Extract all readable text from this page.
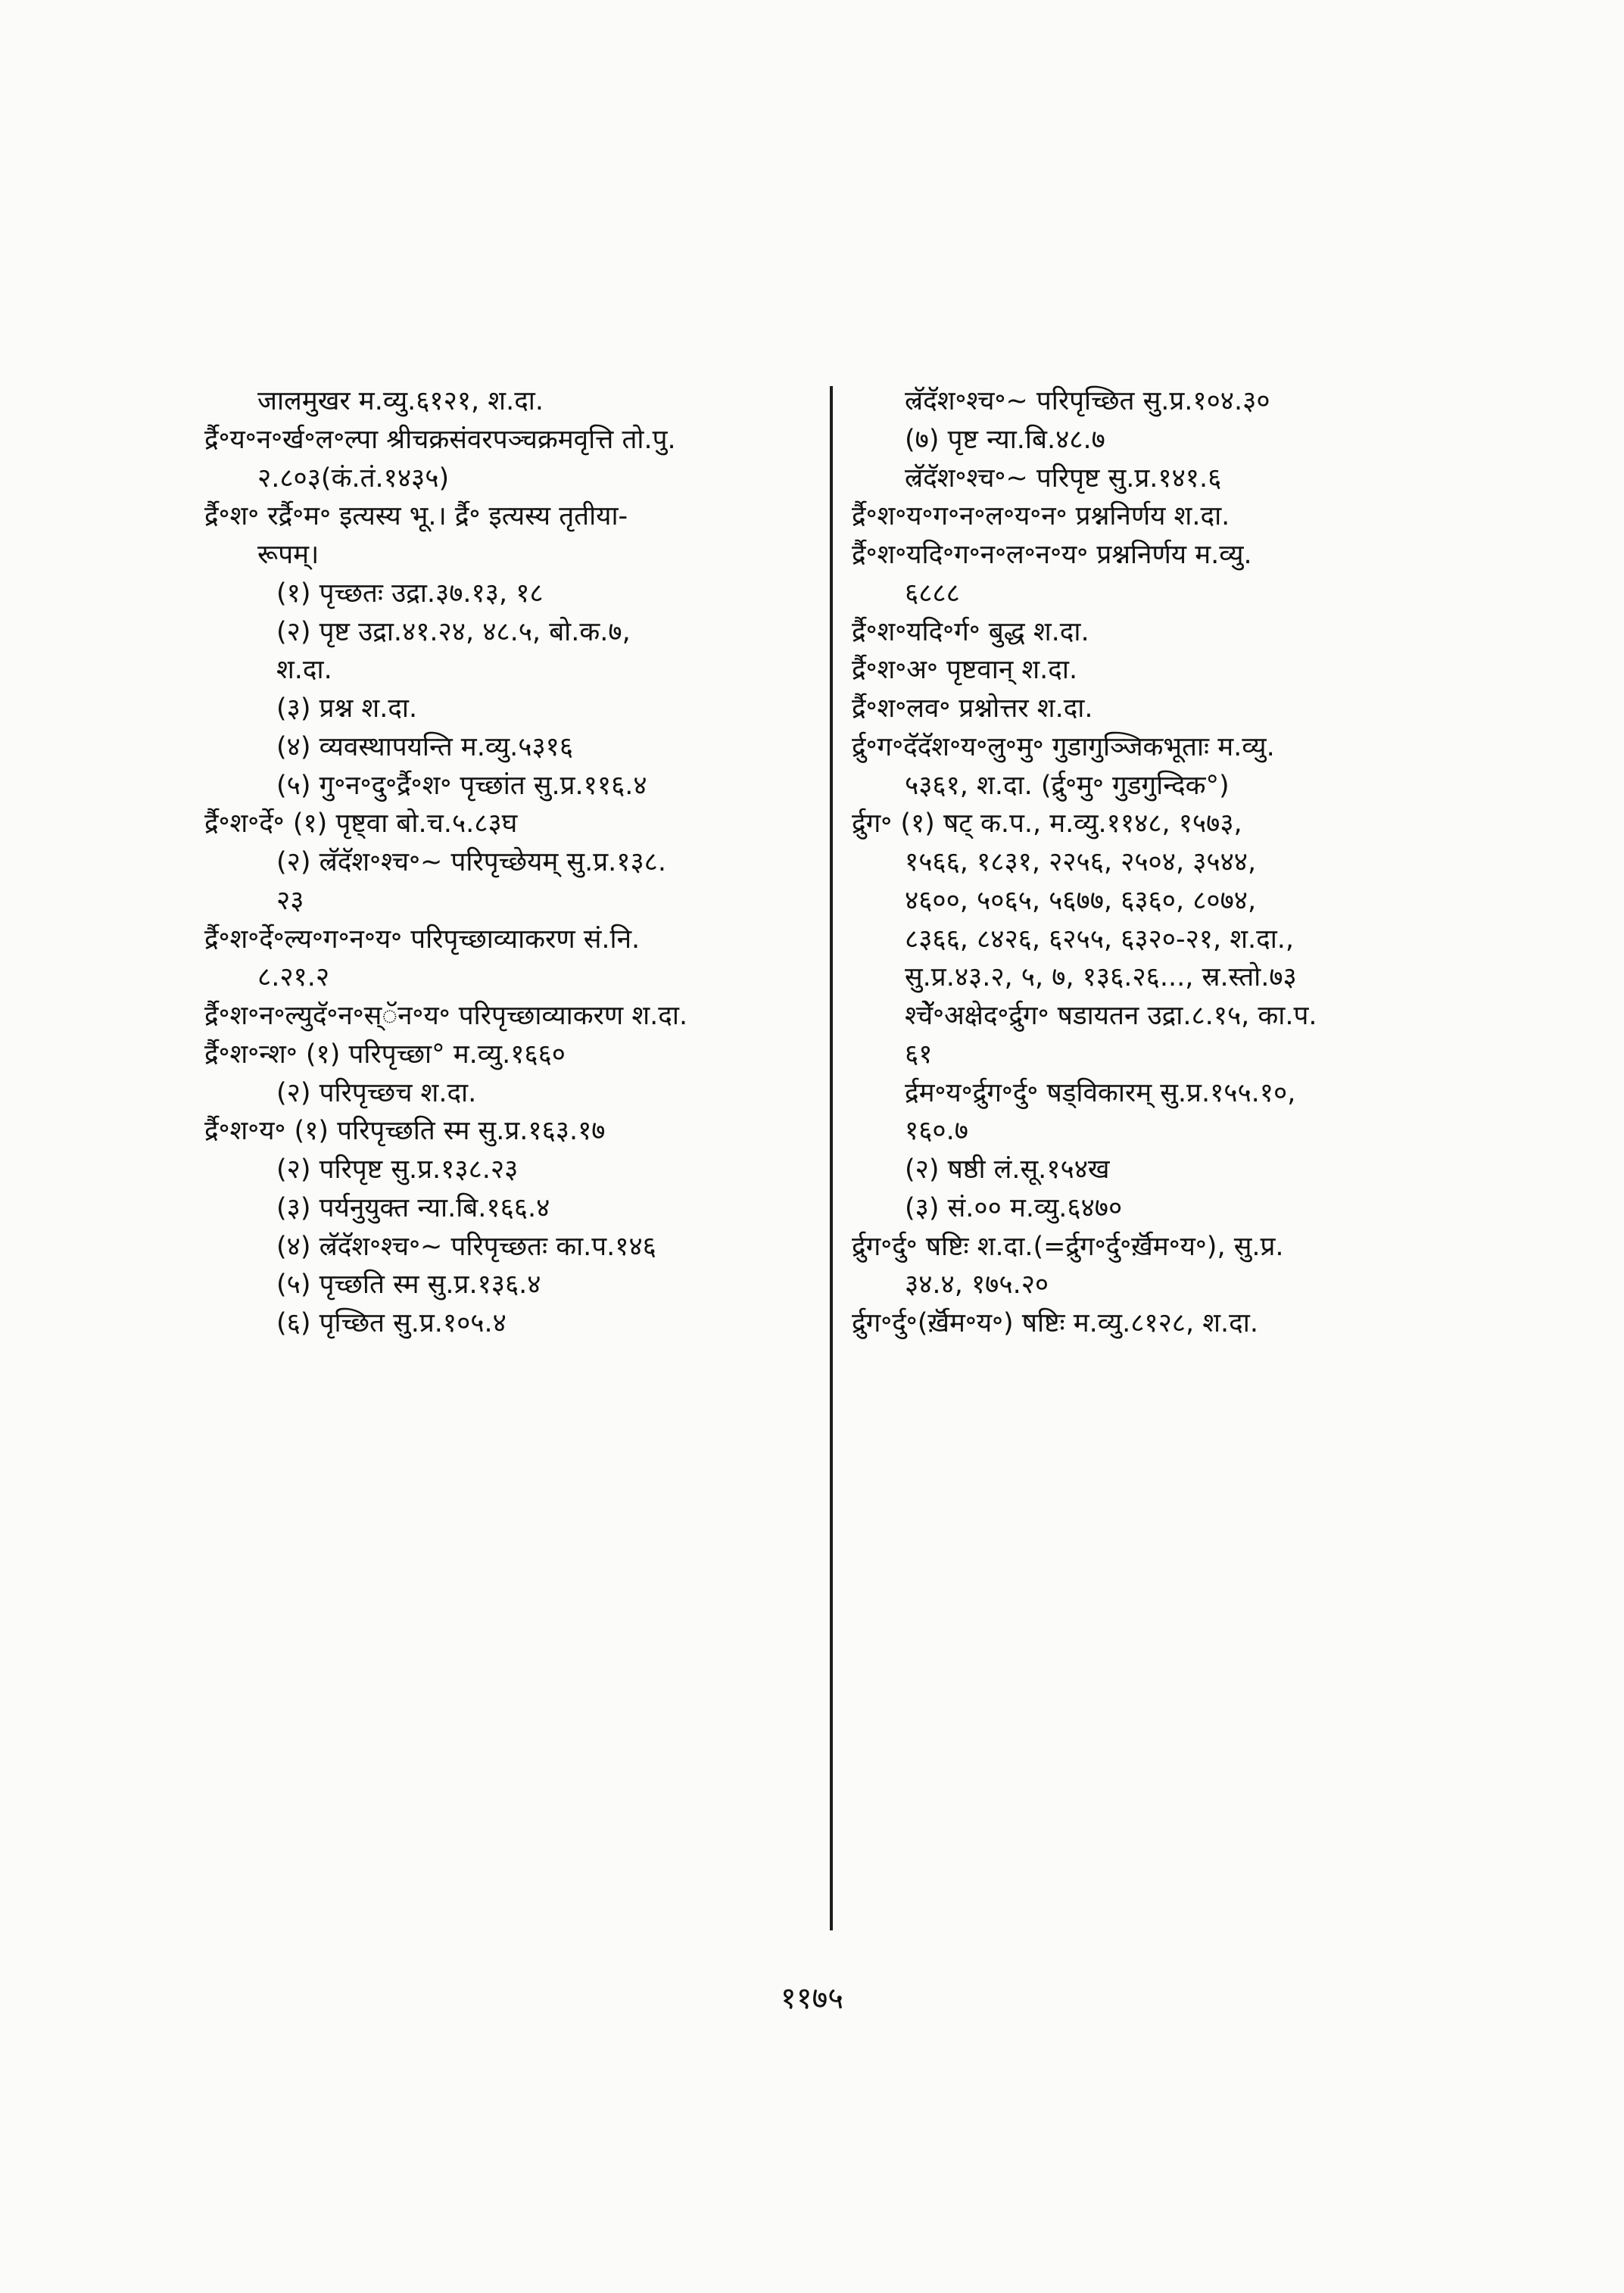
जालमुखर म.व्यु.६१२१, श.दा.
र्द्रै॰य॰न॰र्ख॰ल॰ल्पा श्रीचक्रसंवरपञ्चक्रमवृत्ति तो.पु.
२.८०३(कं.तं.१४३५)
र्द्रै॰श॰ रर्द्रै॰म॰ इत्यस्य भू.। र्द्रै॰ इत्यस्य तृतीया-
रूपम्।
(१) पृच्छतः उद्रा.३७.१३, १८
(२) पृष्ट उद्रा.४१.२४, ४८.५, बो.क.७,
श.दा.
(३) प्रश्न श.दा.
(४) व्यवस्थापयन्ति म.व्यु.५३१६
(५) गु॰न॰दु॰र्द्रै॰श॰ पृच्छांत सु.प्र.११६.४
र्द्रै॰श॰र्दे॰ (१) पृष्ट्वा बो.च.५.८३घ
(२) ल्रॅदॅश॰श्च॰~ परिपृच्छेयम् सु.प्र.१३८.
२३
र्द्रै॰श॰र्दे॰ल्य॰ग॰न॰य॰ परिपृच्छाव्याकरण सं.नि.
८.२१.२
र्द्रै॰श॰न॰ल्युदॅ॰न॰स्ॅन॰य॰ परिपृच्छाव्याकरण श.दा.
र्द्रै॰श॰न्श॰ (१) परिपृच्छा° म.व्यु.१६६०
(२) परिपृच्छच श.दा.
र्द्रै॰श॰य॰ (१) परिपृच्छति स्म सु.प्र.१६३.१७
(२) परिपृष्ट सु.प्र.१३८.२३
(३) पर्यनुयुक्त न्या.बि.१६६.४
(४) ल्रॅदॅश॰श्च॰~ परिपृच्छतः का.प.१४६
(५) पृच्छति स्म सु.प्र.१३६.४
(६) पृच्छित सु.प्र.१०५.४
ल्रॅदॅश॰श्च॰~ परिपृच्छित सु.प्र.१०४.३०
(७) पृष्ट न्या.बि.४८.७
ल्रॅदॅश॰श्च॰~ परिपृष्ट सु.प्र.१४१.६
र्द्रै॰श॰य॰ग॰न॰ल॰य॰न॰ प्रश्ननिर्णय श.दा.
र्द्रै॰श॰यदि॰ग॰न॰ल॰न॰य॰ प्रश्ननिर्णय म.व्यु.
६८८८
र्द्रै॰श॰यदि॰र्ग॰ बुद्ध श.दा.
र्द्रै॰श॰अ॰ पृष्टवान् श.दा.
र्द्रै॰श॰लव॰ प्रश्नोत्तर श.दा.
र्द्रु॰ग॰दॅदॅश॰य॰लु॰मु॰ गुडागुञ्जिकभूताः म.व्यु.
५३६१, श.दा. (र्द्रु॰मु॰ गुडगुन्दिक°)
र्द्रुग॰ (१) षट् क.प., म.व्यु.११४८, १५७३,
१५६६, १८३१, २२५६, २५०४, ३५४४,
४६००, ५०६५, ५६७७, ६३६०, ८०७४,
८३६६, ८४२६, ६२५५, ६३२०-२१, श.दा.,
सु.प्र.४३.२, ५, ७, १३६.२६..., स्र.स्तो.७३
श्चेॅ॰अक्षेद॰र्द्रुग॰ षडायतन उद्रा.८.१५, का.प.
६१
र्द्रम॰य॰र्द्रुग॰र्दु॰ षड्विकारम् सु.प्र.१५५.१०,
१६०.७
(२) षष्ठी लं.सू.१५४ख
(३) सं.०० म.व्यु.६४७०
र्द्रुग॰र्दु॰ षष्टिः श.दा.(=र्द्रुग॰र्दु॰र्ख़ॅम॰य॰), सु.प्र.
३४.४, १७५.२०
र्द्रुग॰र्दु॰(र्ख़ॅम॰य॰) षष्टिः म.व्यु.८१२८, श.दा.
११७५
